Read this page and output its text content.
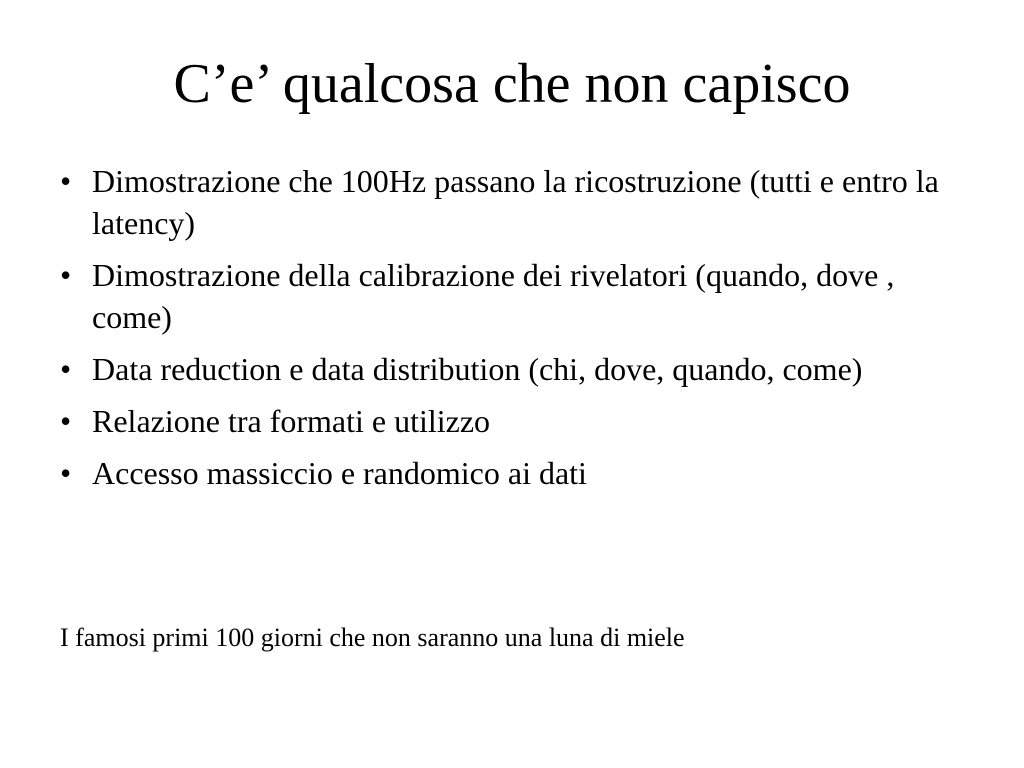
C’e’ qualcosa che non capisco
• Dimostrazione che 100Hz passano la ricostruzione (tutti e entro la latency)
• Dimostrazione della calibrazione dei rivelatori (quando, dove , come)
• Data reduction e data distribution (chi, dove, quando, come)
• Relazione tra formati e utilizzo
• Accesso massiccio e randomico ai dati

I famosi primi 100 giorni che non saranno una luna di miele
